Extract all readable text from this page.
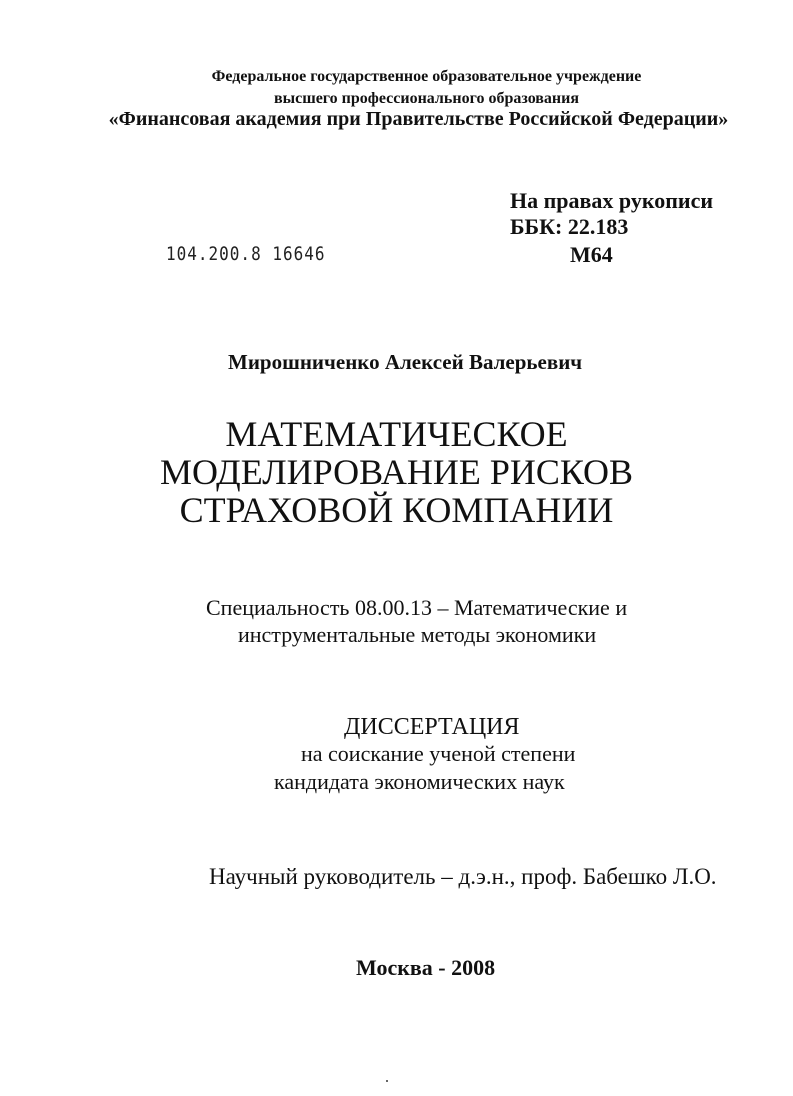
Федеральное государственное образовательное учреждение
высшего профессионального образования
«Финансовая академия при Правительстве Российской Федерации»
На правах рукописи
ББК: 22.183
М64
104.200.8 16646
Мирошниченко Алексей Валерьевич
МАТЕМАТИЧЕСКОЕ
МОДЕЛИРОВАНИЕ РИСКОВ
СТРАХОВОЙ КОМПАНИИ
Специальность 08.00.13 – Математические и
инструментальные методы экономики
ДИССЕРТАЦИЯ
на соискание ученой степени
кандидата экономических наук
Научный руководитель – д.э.н., проф. Бабешко Л.О.
Москва - 2008
